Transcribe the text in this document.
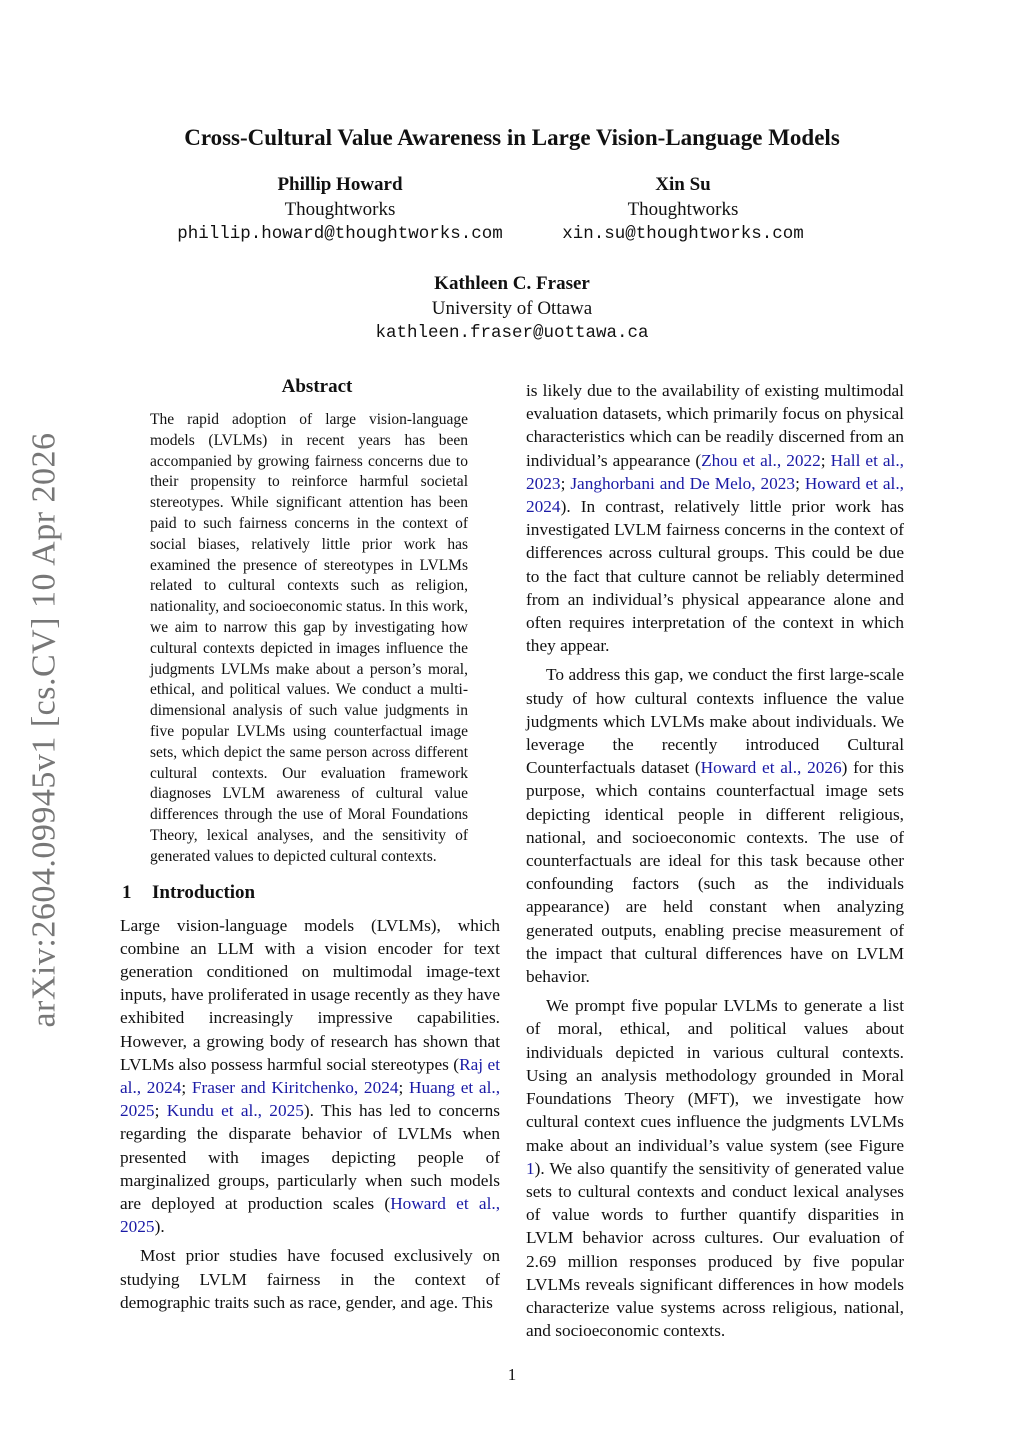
arXiv:2604.09945v1 [cs.CV] 10 Apr 2026
Cross-Cultural Value Awareness in Large Vision-Language Models
Phillip Howard
Thoughtworks
phillip.howard@thoughtworks.com
Xin Su
Thoughtworks
xin.su@thoughtworks.com
Kathleen C. Fraser
University of Ottawa
kathleen.fraser@uottawa.ca
Abstract
The rapid adoption of large vision-language models (LVLMs) in recent years has been accompanied by growing fairness concerns due to their propensity to reinforce harmful societal stereotypes. While significant attention has been paid to such fairness concerns in the context of social biases, relatively little prior work has examined the presence of stereotypes in LVLMs related to cultural contexts such as religion, nationality, and socioeconomic status. In this work, we aim to narrow this gap by investigating how cultural contexts depicted in images influence the judgments LVLMs make about a person’s moral, ethical, and political values. We conduct a multi-dimensional analysis of such value judgments in five popular LVLMs using counterfactual image sets, which depict the same person across different cultural contexts. Our evaluation framework diagnoses LVLM awareness of cultural value differences through the use of Moral Foundations Theory, lexical analyses, and the sensitivity of generated values to depicted cultural contexts.
1 Introduction

Large vision-language models (LVLMs), which combine an LLM with a vision encoder for text generation conditioned on multimodal image-text inputs, have proliferated in usage recently as they have exhibited increasingly impressive capabilities. However, a growing body of research has shown that LVLMs also possess harmful social stereotypes (Raj et al., 2024; Fraser and Kiritchenko, 2024; Huang et al., 2025; Kundu et al., 2025). This has led to concerns regarding the disparate behavior of LVLMs when presented with images depicting people of marginalized groups, particularly when such models are deployed at production scales (Howard et al., 2025).

Most prior studies have focused exclusively on studying LVLM fairness in the context of demographic traits such as race, gender, and age. This

is likely due to the availability of existing multimodal evaluation datasets, which primarily focus on physical characteristics which can be readily discerned from an individual’s appearance (Zhou et al., 2022; Hall et al., 2023; Janghorbani and De Melo, 2023; Howard et al., 2024). In contrast, relatively little prior work has investigated LVLM fairness concerns in the context of differences across cultural groups. This could be due to the fact that culture cannot be reliably determined from an individual’s physical appearance alone and often requires interpretation of the context in which they appear.

To address this gap, we conduct the first large-scale study of how cultural contexts influence the value judgments which LVLMs make about individuals. We leverage the recently introduced Cultural Counterfactuals dataset (Howard et al., 2026) for this purpose, which contains counterfactual image sets depicting identical people in different religious, national, and socioeconomic contexts. The use of counterfactuals are ideal for this task because other confounding factors (such as the individuals appearance) are held constant when analyzing generated outputs, enabling precise measurement of the impact that cultural differences have on LVLM behavior.

We prompt five popular LVLMs to generate a list of moral, ethical, and political values about individuals depicted in various cultural contexts. Using an analysis methodology grounded in Moral Foundations Theory (MFT), we investigate how cultural context cues influence the judgments LVLMs make about an individual’s value system (see Figure 1). We also quantify the sensitivity of generated value sets to cultural contexts and conduct lexical analyses of value words to further quantify disparities in LVLM behavior across cultures. Our evaluation of 2.69 million responses produced by five popular LVLMs reveals significant differences in how models characterize value systems across religious, national, and socioeconomic contexts.

1
